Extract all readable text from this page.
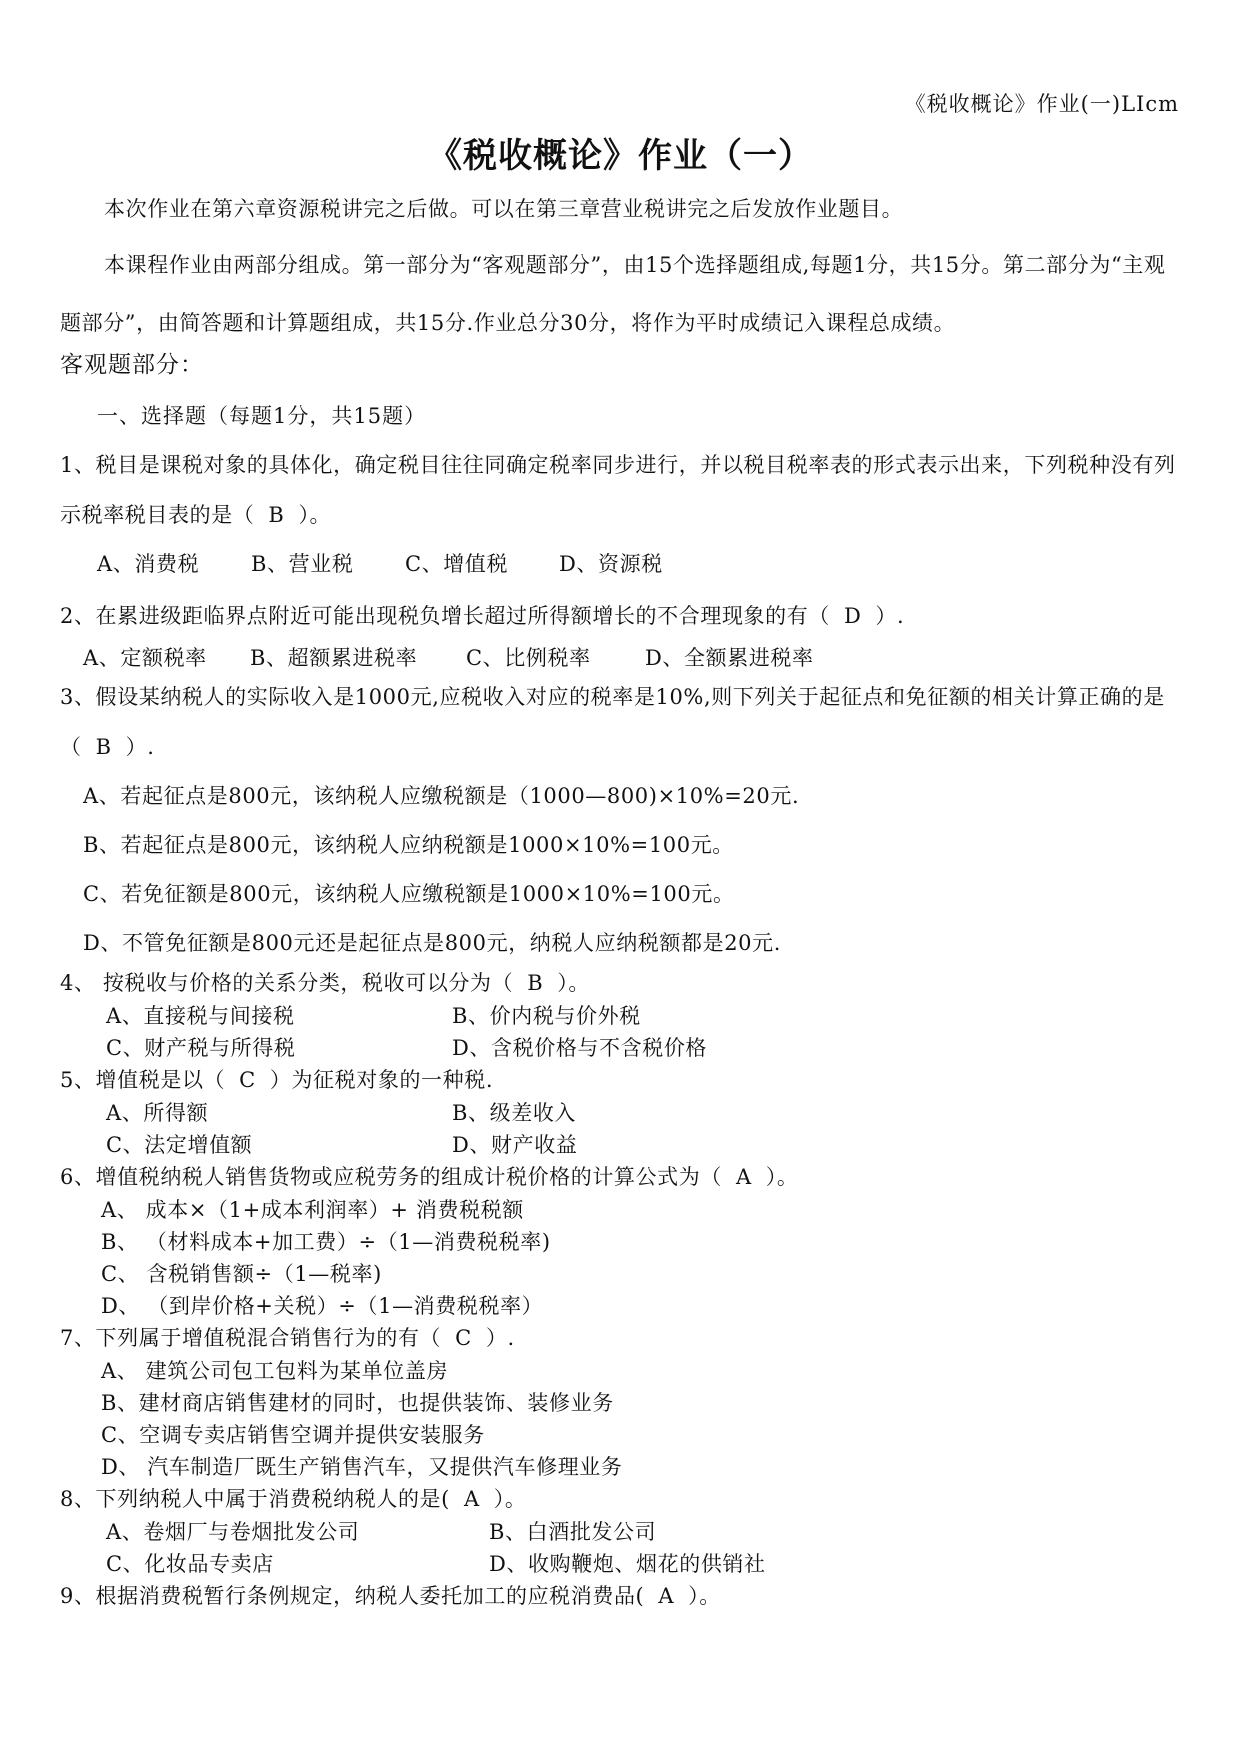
《税收概论》作业(一)LIcm
《税收概论》作业（一）
本次作业在第六章资源税讲完之后做。可以在第三章营业税讲完之后发放作业题目。
本课程作业由两部分组成。第一部分为“客观题部分”，由15个选择题组成,每题1分，共15分。第二部分为“主观题部分”，由简答题和计算题组成，共15分.作业总分30分，将作为平时成绩记入课程总成绩。
客观题部分：
一、选择题（每题1分，共15题）
1、税目是课税对象的具体化，确定税目往往同确定税率同步进行，并以税目税率表的形式表示出来，下列税种没有列示税率税目表的是（ B ）。
A、消费税 B、营业税 C、增值税 D、资源税
2、在累进级距临界点附近可能出现税负增长超过所得额增长的不合理现象的有（ D ）.
A、定额税率 B、超额累进税率 C、比例税率	D、全额累进税率
3、假设某纳税人的实际收入是1000元,应税收入对应的税率是10%,则下列关于起征点和免征额的相关计算正确的是（ B ）.
A、若起征点是800元，该纳税人应缴税额是（1000—800)×10%=20元.
B、若起征点是800元，该纳税人应纳税额是1000×10%=100元。
C、若免征额是800元，该纳税人应缴税额是1000×10%=100元。
D、不管免征额是800元还是起征点是800元，纳税人应纳税额都是20元.
4、 按税收与价格的关系分类，税收可以分为（ B ）。
A、直接税与间接税	B、价内税与价外税
C、财产税与所得税	D、含税价格与不含税价格
5、增值税是以（ C ）为征税对象的一种税.
A、所得额	B、级差收入
C、法定增值额	D、财产收益
6、增值税纳税人销售货物或应税劳务的组成计税价格的计算公式为（ A ）。
A、 成本×（1+成本利润率）+ 消费税税额
B、 （材料成本+加工费）÷（1—消费税税率)
C、 含税销售额÷（1—税率)
D、 （到岸价格+关税）÷（1—消费税税率）
7、下列属于增值税混合销售行为的有（ C ）.
A、 建筑公司包工包料为某单位盖房
B、建材商店销售建材的同时，也提供装饰、装修业务
C、空调专卖店销售空调并提供安装服务
D、 汽车制造厂既生产销售汽车，又提供汽车修理业务
8、下列纳税人中属于消费税纳税人的是( A ）。
A、卷烟厂与卷烟批发公司	B、白酒批发公司
C、化妆品专卖店	D、收购鞭炮、烟花的供销社
9、根据消费税暂行条例规定，纳税人委托加工的应税消费品( A ）。
